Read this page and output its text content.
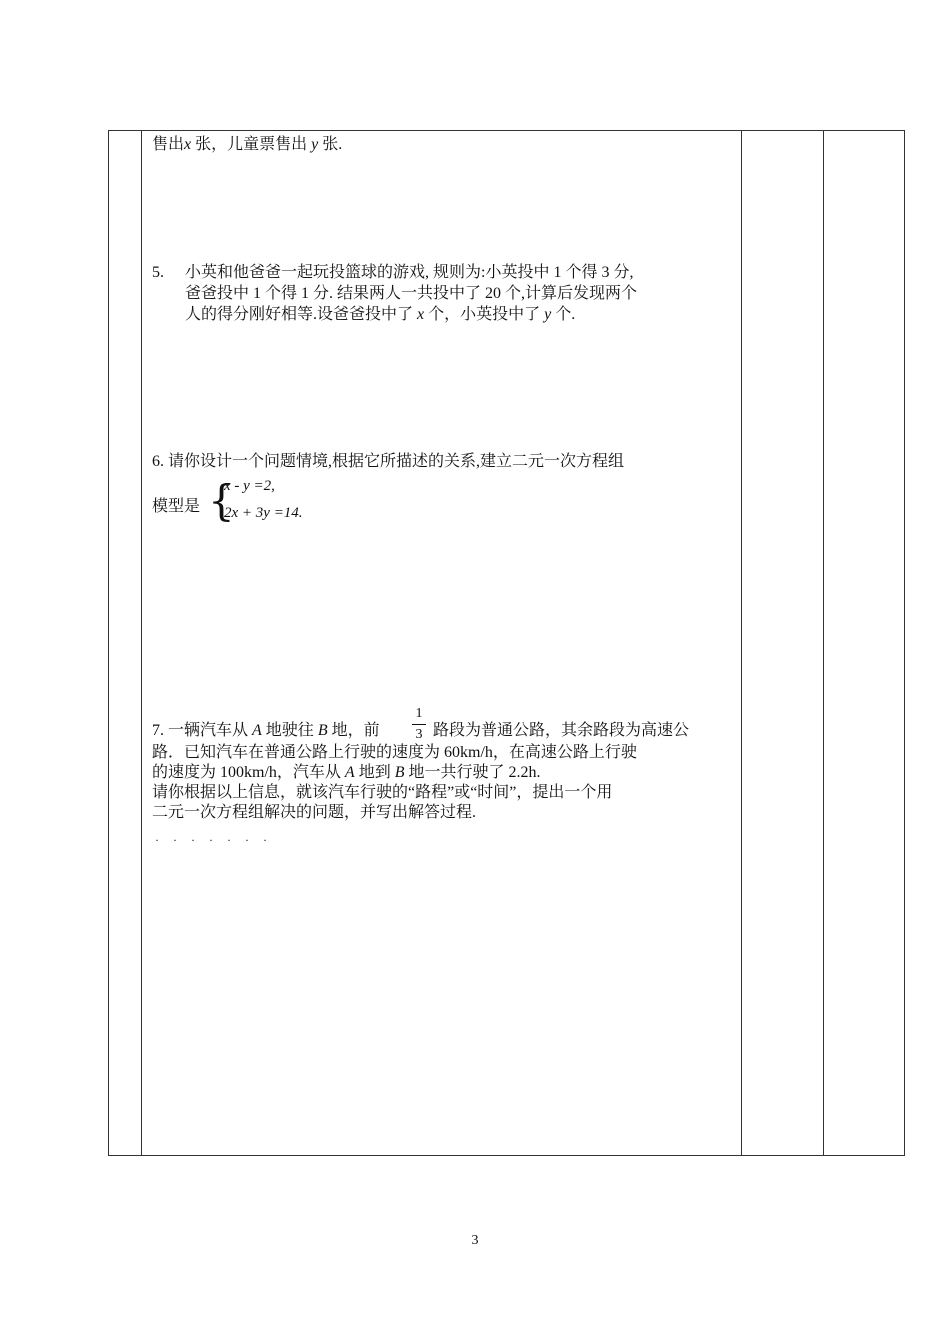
售出x 张，儿童票售出 y 张.
5. 小英和他爸爸一起玩投篮球的游戏, 规则为:小英投中 1 个得 3 分,
爸爸投中 1 个得 1 分. 结果两人一共投中了 20 个,计算后发现两个
人的得分刚好相等.设爸爸投中了 x 个，小英投中了 y 个.
6. 请你设计一个问题情境,根据它所描述的关系,建立二元一次方程组
模型是 {
x - y =2,
2x + 3y =14.
7. 一辆汽车从 A 地驶往 B 地，前
1
3 路段为普通公路，其余路段为高速公
路．已知汽车在普通公路上行驶的速度为 60km/h，在高速公路上行驶
的速度为 100km/h，汽车从 A 地到 B 地一共行驶了 2.2h.
请你根据以上信息，就该汽车行驶的“路程”或“时间”，提出一个用
二元一次方程组解决的问题，并写出解答过程.
·······
3
